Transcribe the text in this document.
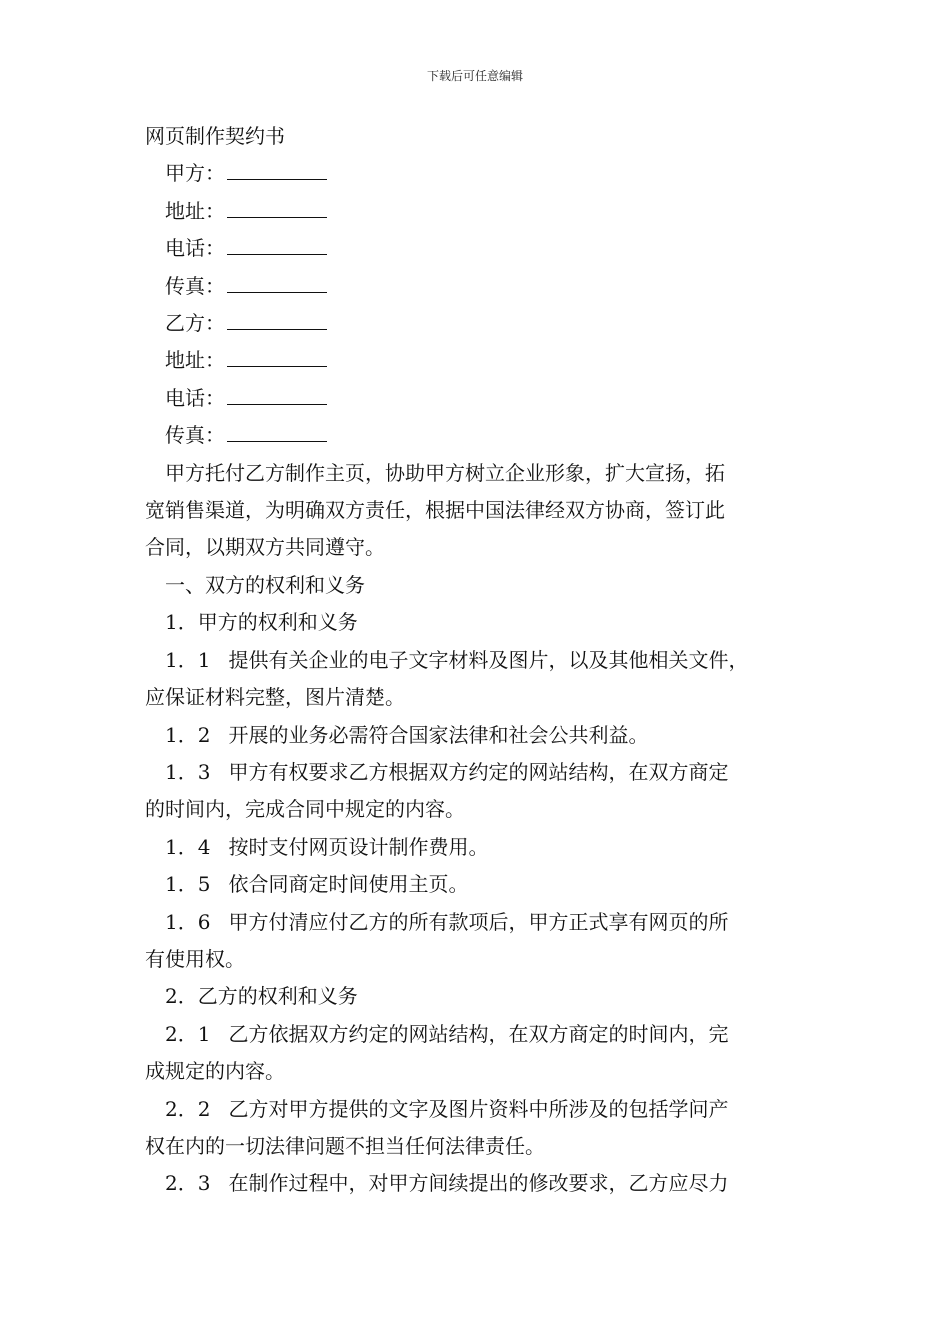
下载后可任意编辑
网页制作契约书
甲方：
地址：
电话：
传真：
乙方：
地址：
电话：
传真：
甲方托付乙方制作主页，协助甲方树立企业形象，扩大宣扬，拓
宽销售渠道，为明确双方责任，根据中国法律经双方协商，签订此
合同，以期双方共同遵守。
一、双方的权利和义务
1．甲方的权利和义务
1．1 提供有关企业的电子文字材料及图片，以及其他相关文件，
应保证材料完整，图片清楚。
1．2 开展的业务必需符合国家法律和社会公共利益。
1．3 甲方有权要求乙方根据双方约定的网站结构，在双方商定
的时间内，完成合同中规定的内容。
1．4 按时支付网页设计制作费用。
1．5 依合同商定时间使用主页。
1．6 甲方付清应付乙方的所有款项后，甲方正式享有网页的所
有使用权。
2．乙方的权利和义务
2．1 乙方依据双方约定的网站结构，在双方商定的时间内，完
成规定的内容。
2．2 乙方对甲方提供的文字及图片资料中所涉及的包括学问产
权在内的一切法律问题不担当任何法律责任。
2．3 在制作过程中，对甲方间续提出的修改要求，乙方应尽力
